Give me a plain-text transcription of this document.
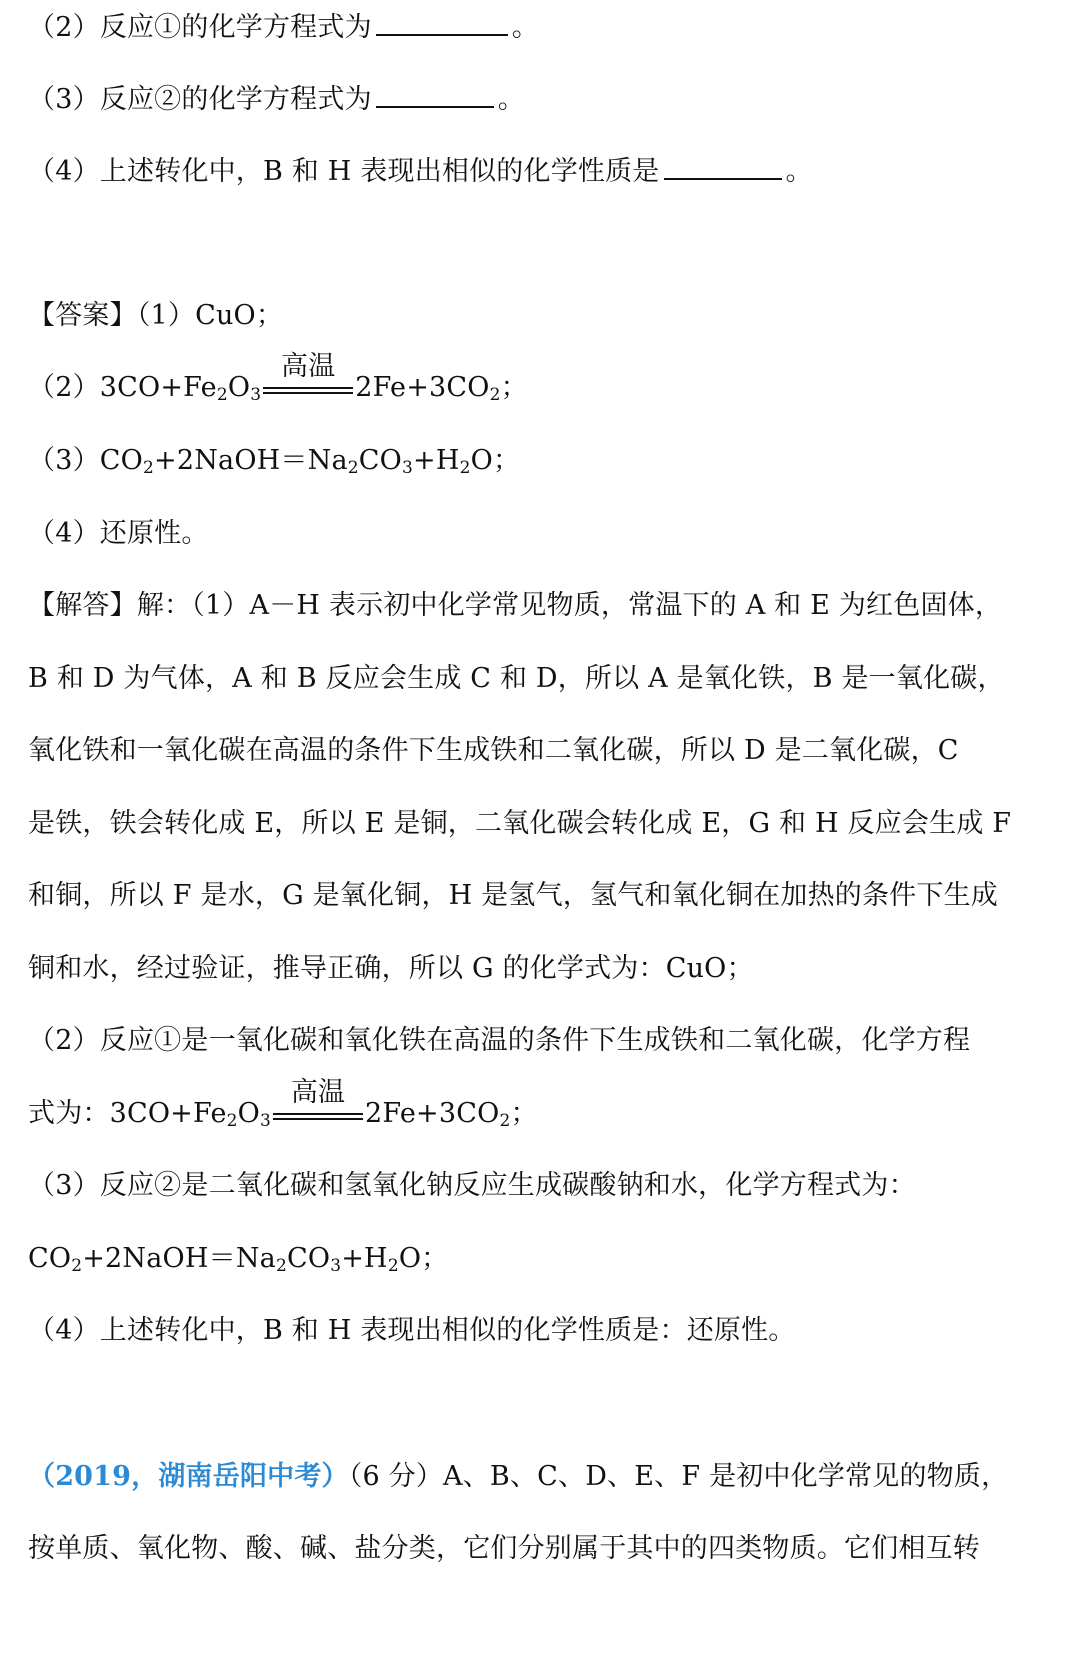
（2）反应①的化学方程式为	。
（3）反应②的化学方程式为	。
（4）上述转化中，B 和 H 表现出相似的化学性质是	。
【答案】（1）CuO；
$(2)3CO+Fe_2O_3$
高温
$2Fe+3CO_2$；
$(3)CO_2+2NaOH=Na_2CO_3+H_2O$；
（4）还原性。
【解答】解：（1）A－H 表示初中化学常见物质，常温下的 A 和 E 为红色固体，
B 和 D 为气体，A 和 B 反应会生成 C 和 D，所以 A 是氧化铁，B 是一氧化碳，
氧化铁和一氧化碳在高温的条件下生成铁和二氧化碳，所以 D 是二氧化碳，C
是铁，铁会转化成 E，所以 E 是铜，二氧化碳会转化成 E，G 和 H 反应会生成 F
和铜，所以 F 是水，G 是氧化铜，H 是氢气，氢气和氧化铜在加热的条件下生成
铜和水，经过验证，推导正确，所以 G 的化学式为：CuO；
（2）反应①是一氧化碳和氧化铁在高温的条件下生成铁和二氧化碳，化学方程
式为：$3CO+Fe_2O_3$
高温
$2Fe+3CO_2$；
（3）反应②是二氧化碳和氢氧化钠反应生成碳酸钠和水，化学方程式为：
$CO_2+2NaOH=Na_2CO_3+H_2O$；
（4）上述转化中，B 和 H 表现出相似的化学性质是：还原性。
（2019，湖南岳阳中考）（6 分）A、B、C、D、E、F 是初中化学常见的物质，
按单质、氧化物、酸、碱、盐分类，它们分别属于其中的四类物质。它们相互转
